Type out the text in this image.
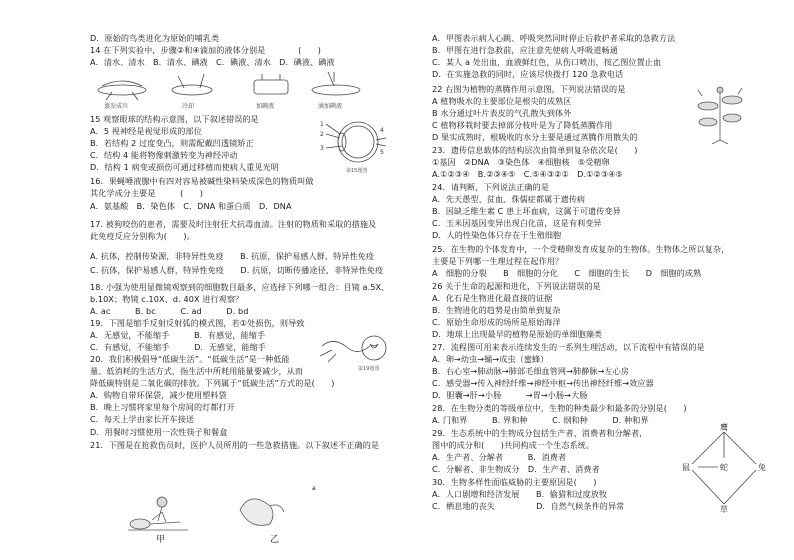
D．原始的鸟类进化为原始的哺乳类
14 在下列实验中，步骤②和④滴加的液体分别是　　　　(　　)
A．清水、清水　B．清水、碘液　C．碘液、清水　D．碘液、碘液
15 观察眼球的结构示意图，以下叙述错误的是
A．5 视神经是视觉形成的部位
B．若结构 2 过度变凸，则需配戴凹透镜矫正
C．结构 4 能将物像刺激转变为神经冲动
D．结构 1 病变或损伤可通过移植而使病人重见光明
16．果蝇唾液腺中有四对容易被碱性染料染成深色的物质叫做
其化学成分主要是　　　(　　)
A．氨基酸　B．染色体　C．DNA 和蛋白质　D．DNA
17. 被狗咬伤的患者，需要及时注射狂犬抗毒血清。注射的物质和采取的措施及
此免疫反应分别称为(　　)。
A. 抗体，控制传染源，非特异性免疫　　B. 抗原，保护易感人群，特异性免疫
C. 抗体，保护易感人群，特异性免疫　　D. 抗原，切断传播途径，非特异性免疫
18. 小强为使用显微镜观察到的细胞数目最多，应选择下列哪一组合：目镜 a.5X、
b.10X；物镜 c.10X、d. 40X 进行观察？
A. ac　　　B. bc　　　C. ad　　　D. bd
19．下图是缩手反射反射弧的模式图，若①处损伤，则导致
A．无感觉，不能缩手　　　B．有感觉，能缩手
C．有感觉，不能缩手　　　D．无感觉，能缩手
20．我们积极倡导“低碳生活”。“低碳生活”是一种低能
量、低消耗的生活方式，指生活中所耗用能量要减少，从而
降低碳特别是二氧化碳的排放。下列属于“低碳生活”方式的是(　　)
A．购物自带环保袋，减少使用塑料袋
B．晚上习惯将家里每个房间的灯都打开
C．每天上学由家长开车接送
D．用餐时习惯使用一次性筷子和餐盒
21．下图是在抢救伤员时，医护人员所用的一些急救措施。以下叙述不正确的是
蒸发成川	冷却	加碘液	滴加碘液
1
2
3
4
5
第15题图
第19题图
甲	乙
a
A．甲图表示病人心跳、呼吸突然同时停止后救护者采取的急救方法
B．甲图在进行急救前，应注意先使病人呼吸道畅通
C．某人 a 处出血，血液鲜红色，从伤口喷出，按乙图位置止血
D．在实施急救的同时，应该尽快拨打 120 急救电话
22 右图为植物的蒸腾作用示意图，下列说法错误的是
A 植物吸水的主要部位是根尖的成熟区
B 水分通过叶片表皮的气孔散失到体外
C 植物移栽时要去掉部分枝叶是为了降低蒸腾作用
D 果实成熟时，根吸收的水分主要是通过蒸腾作用散失的
23．遗传信息载体的结构层次由简单到复杂依次是(　　)
①基因　②DNA　③染色体　④细胞核　⑤受精卵
A.①②③④　B.②③④⑤　C.⑤④③②①　D.①②③④⑤
24．请判断，下列说法正确的是
A．先天愚型、贫血、侏儒症都属于遗传病
B．因缺乏维生素 C 患上坏血病，这属于可遗传变异
C．玉米因基因变异出现白化苗，这是有利变异
D．人的性染色体只存在于生殖细胞
25．在生物的个体发育中，一个受精卵发育成复杂的生物体。生物体之所以复杂，
主要是下列哪一生理过程在起作用？
A　细胞的分裂　　B　细胞的分化　　C　细胞的生长　　D　细胞的成熟
26 关于生命的起源和进化，下列说法错误的是
A．化石是生物进化最直接的证据
B．生物进化的趋势是由简单到复杂
C．原始生命形成的场所是原始海洋
D．地球上出现最早的植物是原始的单细胞藻类
27．流程图可用来表示连续发生的一系列生理活动，以下流程中有错误的是
A．卵→幼虫→蛹→成虫（蜜蜂）
B．右心室→肺动脉→肺部毛细血管网→肺静脉→左心房
C．感受器→传入神经纤维→神经中枢→传出神经纤维→效应器
D．胆囊→肝→小肠　　　→胃→小肠→大肠
28．在生物分类的等级单位中，生物的种类最少和最多的分别是(　　)
A. 门和界　　　B. 界和种　　　C. 纲和种　　　D. 种和界
29．生态系统中的生物成分包括生产者、消费者和分解者，
图中的成分和(　　)共同构成一个生态系统。
A．生产者、分解者　　　B．消费者
C．分解者、非生物成分　D．生产者、消费者
30．生物多样性面临威胁的主要原因是(　　)
A．人口剧增和经济发展　　B．偷猎和过度放牧
C．栖息地的丧失　　　　　D．自然气候条件的异常
鹰
鼠	蛇	兔
草
